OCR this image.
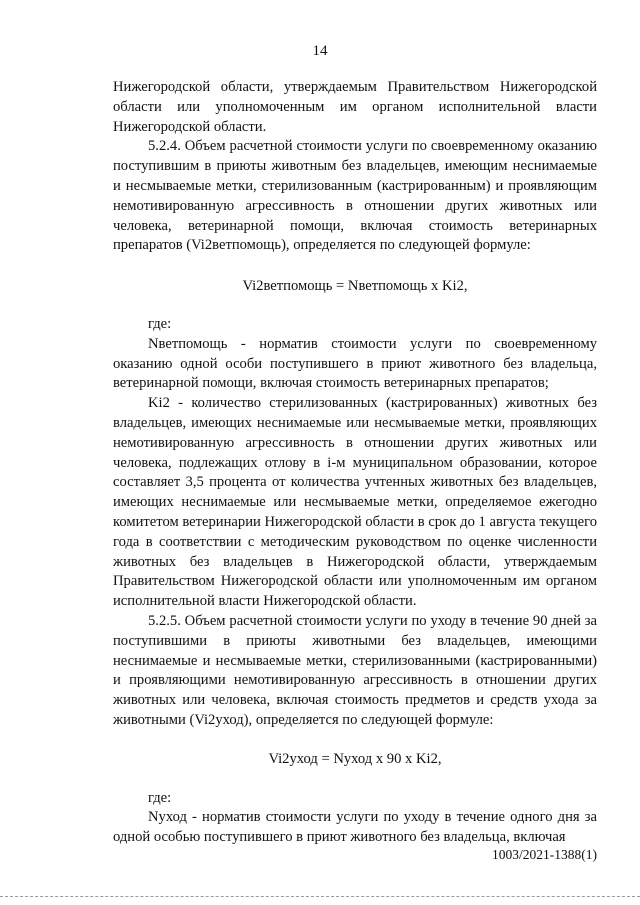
14

Нижегородской области, утверждаемым Правительством Нижегородской области или уполномоченным им органом исполнительной власти Нижегородской области.

5.2.4. Объем расчетной стоимости услуги по своевременному оказанию поступившим в приюты животным без владельцев, имеющим неснимаемые и несмываемые метки, стерилизованным (кастрированным) и проявляющим немотивированную агрессивность в отношении других животных или человека, ветеринарной помощи, включая стоимость ветеринарных препаратов (Vi2ветпомощь), определяется по следующей формуле:

Vi2ветпомощь = Nветпомощь x Ki2,

где:

Nветпомощь - норматив стоимости услуги по своевременному оказанию одной особи поступившего в приют животного без владельца, ветеринарной помощи, включая стоимость ветеринарных препаратов;

Ki2 - количество стерилизованных (кастрированных) животных без владельцев, имеющих неснимаемые или несмываемые метки, проявляющих немотивированную агрессивность в отношении других животных или человека, подлежащих отлову в i-м муниципальном образовании, которое составляет 3,5 процента от количества учтенных животных без владельцев, имеющих неснимаемые или несмываемые метки, определяемое ежегодно комитетом ветеринарии Нижегородской области в срок до 1 августа текущего года в соответствии с методическим руководством по оценке численности животных без владельцев в Нижегородской области, утверждаемым Правительством Нижегородской области или уполномоченным им органом исполнительной власти Нижегородской области.

5.2.5. Объем расчетной стоимости услуги по уходу в течение 90 дней за поступившими в приюты животными без владельцев, имеющими неснимаемые и несмываемые метки, стерилизованными (кастрированными) и проявляющими немотивированную агрессивность в отношении других животных или человека, включая стоимость предметов и средств ухода за животными (Vi2уход), определяется по следующей формуле:

Vi2уход = Nуход x 90 x Ki2,

где:

Nуход - норматив стоимости услуги по уходу в течение одного дня за одной особью поступившего в приют животного без владельца, включая

1003/2021-1388(1)
